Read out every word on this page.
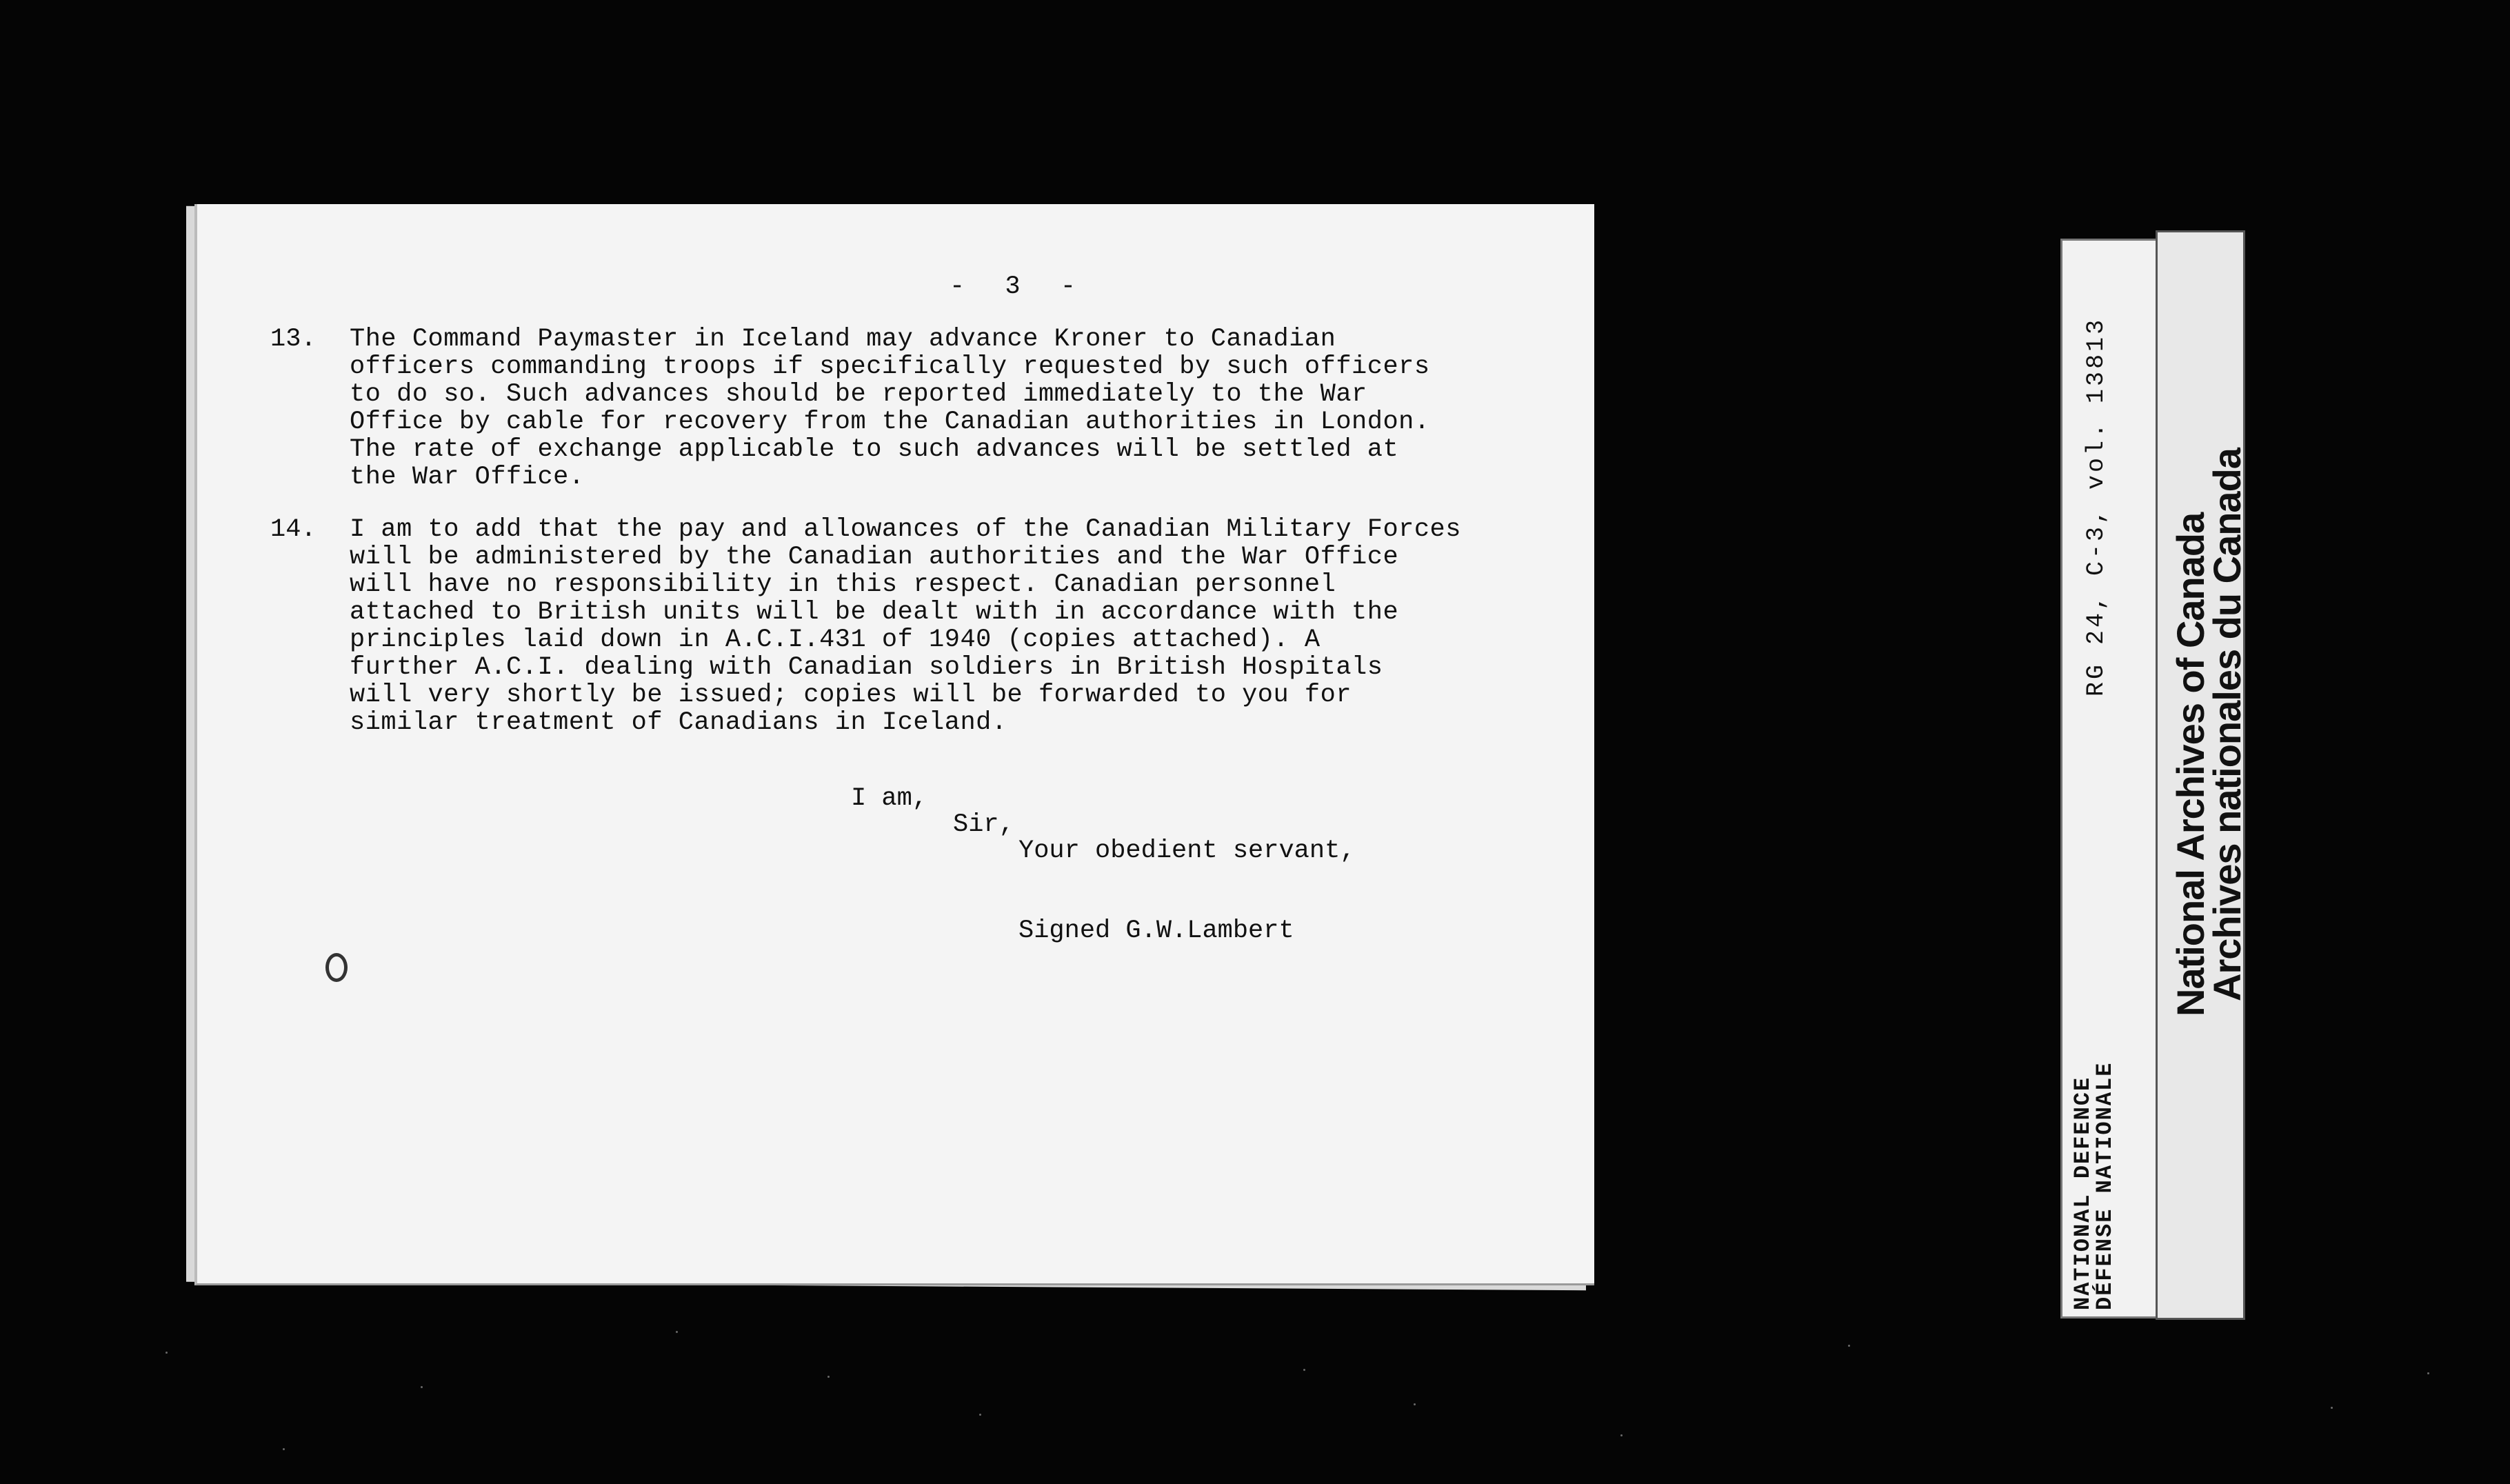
- 3 -
13.	The Command Paymaster in Iceland may advance Kroner to Canadian
officers commanding troops if specifically requested by such officers
to do so. Such advances should be reported immediately to the War
Office by cable for recovery from the Canadian authorities in London.
The rate of exchange applicable to such advances will be settled at
the War Office.
14.	I am to add that the pay and allowances of the Canadian Military Forces
will be administered by the Canadian authorities and the War Office
will have no responsibility in this respect. Canadian personnel
attached to British units will be dealt with in accordance with the
principles laid down in A.C.I.431 of 1940 (copies attached). A
further A.C.I. dealing with Canadian soldiers in British Hospitals
will very shortly be issued; copies will be forwarded to you for
similar treatment of Canadians in Iceland.
I am,
Sir,
Your obedient servant,
Signed G.W.Lambert
RG 24, C-3, vol. 13813
NATIONAL DEFENCE
DÉFENSE NATIONALE
National Archives of Canada
Archives nationales du Canada
